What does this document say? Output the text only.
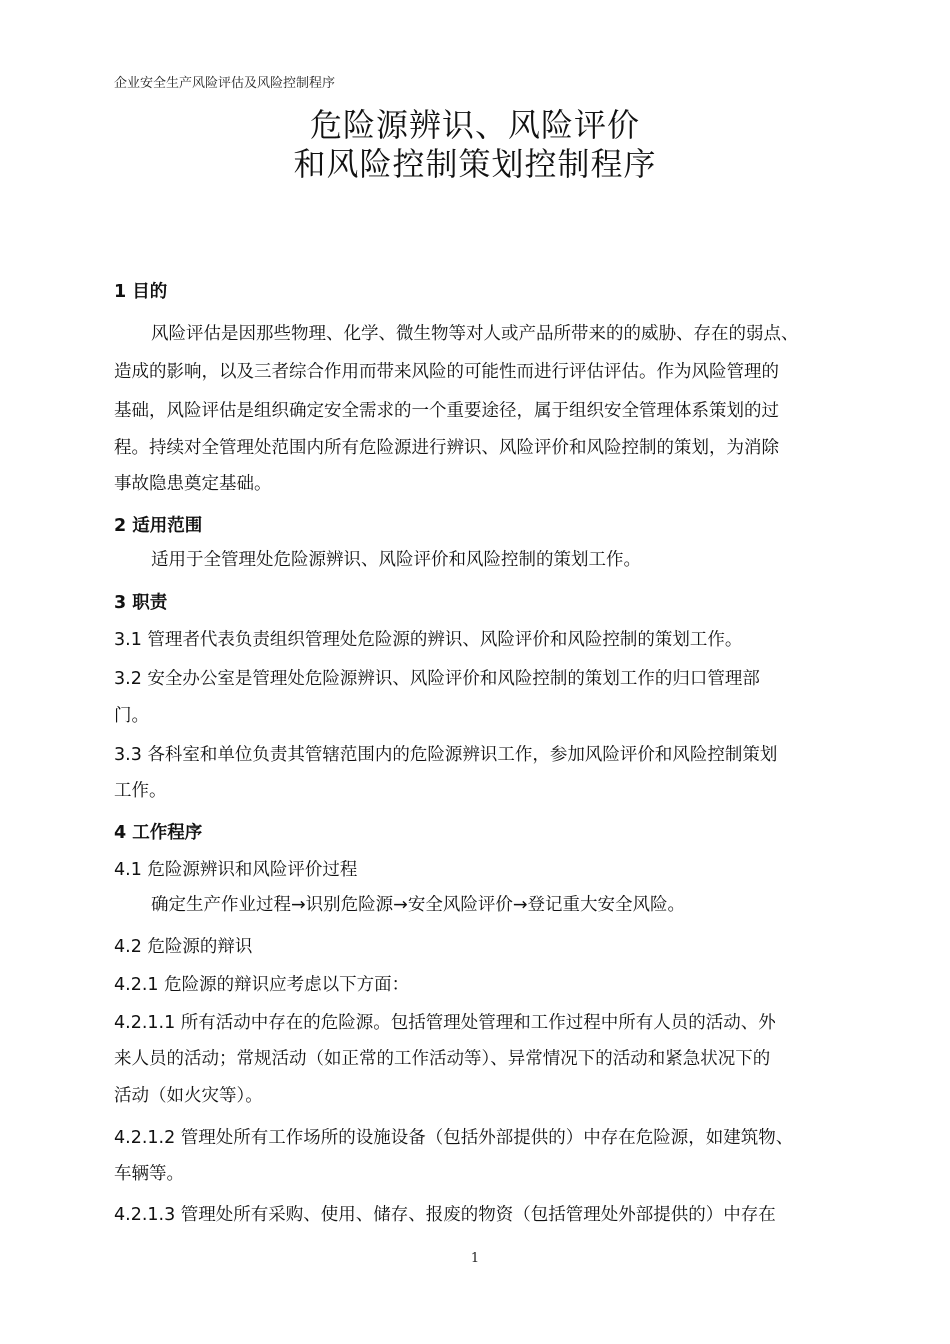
企业安全生产风险评估及风险控制程序
危险源辨识、风险评价
和风险控制策划控制程序
1 目的
风险评估是因那些物理、化学、微生物等对人或产品所带来的的威胁、存在的弱点、
造成的影响，以及三者综合作用而带来风险的可能性而进行评估评估。作为风险管理的
基础，风险评估是组织确定安全需求的一个重要途径，属于组织安全管理体系策划的过
程。持续对全管理处范围内所有危险源进行辨识、风险评价和风险控制的策划，为消除
事故隐患奠定基础。
2 适用范围
适用于全管理处危险源辨识、风险评价和风险控制的策划工作。
3 职责
3.1 管理者代表负责组织管理处危险源的辨识、风险评价和风险控制的策划工作。
3.2 安全办公室是管理处危险源辨识、风险评价和风险控制的策划工作的归口管理部
门。
3.3 各科室和单位负责其管辖范围内的危险源辨识工作，参加风险评价和风险控制策划
工作。
4 工作程序
4.1 危险源辨识和风险评价过程
确定生产作业过程→识别危险源→安全风险评价→登记重大安全风险。
4.2 危险源的辩识
4.2.1 危险源的辩识应考虑以下方面：
4.2.1.1 所有活动中存在的危险源。包括管理处管理和工作过程中所有人员的活动、外
来人员的活动；常规活动（如正常的工作活动等）、异常情况下的活动和紧急状况下的
活动（如火灾等）。
4.2.1.2 管理处所有工作场所的设施设备（包括外部提供的）中存在危险源，如建筑物、
车辆等。
4.2.1.3 管理处所有采购、使用、储存、报废的物资（包括管理处外部提供的）中存在
1
